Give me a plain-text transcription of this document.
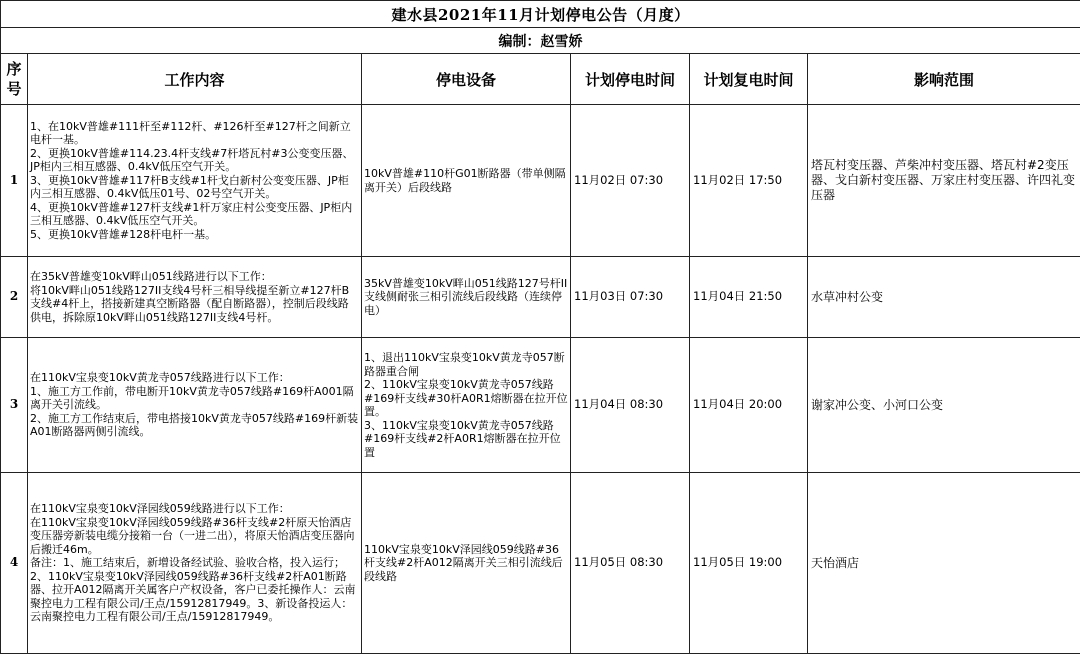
建水县2021年11月计划停电公告（月度）					
编制：赵雪娇					
序号	工作内容	停电设备	计划停电时间	计划复电时间	影响范围
1	1、在10kV普雄#111杆至#112杆、#126杆至#127杆之间新立电杆一基。
2、更换10kV普雄#114.23.4杆支线#7杆塔瓦村#3公变变压器、JP柜内三相互感器、0.4kV低压空气开关。
3、更换10kV普雄#117杆B支线#1杆戈白新村公变变压器、JP柜内三相互感器、0.4kV低压01号、02号空气开关。
4、更换10kV普雄#127杆支线#1杆万家庄村公变变压器、JP柜内三相互感器、0.4kV低压空气开关。
5、更换10kV普雄#128杆电杆一基。	10kV普雄#110杆G01断路器（带单侧隔离开关）后段线路	11月02日 07:30	11月02日 17:50	塔瓦村变压器、芦柴冲村变压器、塔瓦村#2变压器、戈白新村变压器、万家庄村变压器、许四礼变压器
2	在35kV普雄变10kV畔山051线路进行以下工作：
将10kV畔山051线路127II支线4号杆三相导线提至新立#127杆B支线#4杆上，搭接新建真空断路器（配自断路器），控制后段线路供电，拆除原10kV畔山051线路127II支线4号杆。	35kV普雄变10kV畔山051线路127号杆II支线侧耐张三相引流线后段线路（连续停电）	11月03日 07:30	11月04日 21:50	水草冲村公变
3	在110kV宝泉变10kV黄龙寺057线路进行以下工作：
1、施工方工作前，带电断开10kV黄龙寺057线路#169杆A001隔离开关引流线。
2、施工方工作结束后，带电搭接10kV黄龙寺057线路#169杆新装A01断路器两侧引流线。	1、退出110kV宝泉变10kV黄龙寺057断路器重合闸
2、110kV宝泉变10kV黄龙寺057线路#169杆支线#30杆A0R1熔断器在拉开位置。
3、110kV宝泉变10kV黄龙寺057线路#169杆支线#2杆A0R1熔断器在拉开位置	11月04日 08:30	11月04日 20:00	谢家冲公变、小河口公变
4	在110kV宝泉变10kV泽园线059线路进行以下工作：
在110kV宝泉变10kV泽园线059线路#36杆支线#2杆原天怡酒店变压器旁新装电缆分接箱一台（一进二出），将原天怡酒店变压器向后搬迁46m。
备注：1、施工结束后，新增设备经试验、验收合格，投入运行；2、110kV宝泉变10kV泽园线059线路#36杆支线#2杆A01断路器、拉开A012隔离开关属客户产权设备，客户已委托操作人：云南聚控电力工程有限公司/王点/15912817949。3、新设备投运人：云南聚控电力工程有限公司/王点/15912817949。	110kV宝泉变10kV泽园线059线路#36杆支线#2杆A012隔离开关三相引流线后段线路	11月05日 08:30	11月05日 19:00	天怡酒店
